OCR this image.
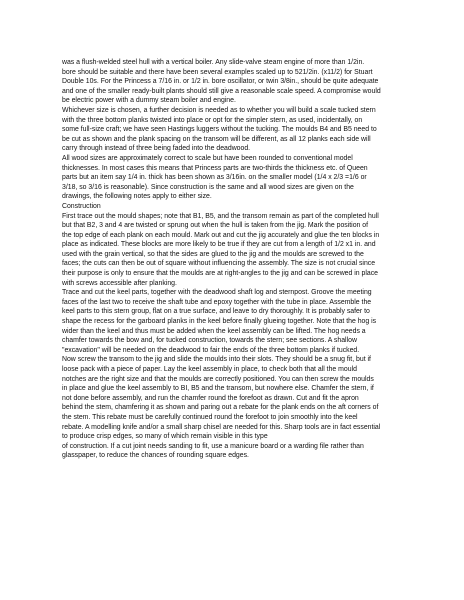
was a flush-welded steel hull with a vertical boiler. Any slide-valve steam engine of more than 1/2in.
bore should be suitable and there have been several examples scaled up to 521/2in. (x11/2) for Stuart
Double 10s. For the Princess a 7/16 in. or 1/2 in. bore oscillator, or twin 3/8in., should be quite adequate
and one of the smaller ready-built plants should still give a reasonable scale speed. A compromise would
be electric power with a dummy steam boiler and engine.
Whichever size is chosen, a further decision is needed as to whether you will build a scale tucked stern
with the three bottom planks twisted into place or opt for the simpler stern, as used, incidentally, on
some full-size craft; we have seen Hastings luggers without the tucking. The moulds B4 and B5 need to
be cut as shown and the plank spacing on the transom will be different, as all 12 planks each side will
carry through instead of three being faded into the deadwood.
All wood sizes are approximately correct to scale but have been rounded to conventional model
thicknesses. In most cases this means that Princess parts are two-thirds the thickness etc. of Queen
parts but an item say 1/4 in. thick has been shown as 3/16in. on the smaller model (1/4 x 2/3 =1/6 or
3/18, so 3/16 is reasonable). Since construction is the same and all wood sizes are given on the
drawings, the following notes apply to either size.
Construction
First trace out the mould shapes; note that B1, B5, and the transom remain as part of the completed hull
but that B2, 3 and 4 are twisted or sprung out when the hull is taken from the jig. Mark the position of
the top edge of each plank on each mould. Mark out and cut the jig accurately and glue the ten blocks in
place as indicated. These blocks are more likely to be true if they are cut from a length of 1/2 x1 in. and
used with the grain vertical, so that the sides are glued to the jig and the moulds are screwed to the
faces; the cuts can then be out of square without influencing the assembly. The size is not crucial since
their purpose is only to ensure that the moulds are at right-angles to the jig and can be screwed in place
with screws accessible after planking.
Trace and cut the keel parts, together with the deadwood shaft log and sternpost. Groove the meeting
faces of the last two to receive the shaft tube and epoxy together with the tube in place. Assemble the
keel parts to this stern group, flat on a true surface, and leave to dry thoroughly. It is probably safer to
shape the recess for the garboard planks in the keel before finally glueing together. Note that the hog is
wider than the keel and thus must be added when the keel assembly can be lifted. The hog needs a
chamfer towards the bow and, for tucked construction, towards the stern; see sections. A shallow
"excavation" will be needed on the deadwood to fair the ends of the three bottom planks if tucked.
Now screw the transom to the jig and slide the moulds into their slots. They should be a snug fit, but if
loose pack with a piece of paper. Lay the keel assembly in place, to check both that all the mould
notches are the right size and that the moulds are correctly positioned. You can then screw the moulds
in place and glue the keel assembly to BI, B5 and the transom, but nowhere else. Chamfer the stern, if
not done before assembly, and run the chamfer round the forefoot as drawn. Cut and fit the apron
behind the stem, chamfering it as shown and paring out a rebate for the plank ends on the aft corners of
the stem. This rebate must be carefully continued round the forefoot to join smoothly into the keel
rebate. A modelling knife and/or a small sharp chisel are needed for this. Sharp tools are in fact essential
to produce crisp edges, so many of which remain visible in this type
of construction. If a cut joint needs sanding to fit, use a manicure board or a warding file rather than
glasspaper, to reduce the chances of rounding square edges.
